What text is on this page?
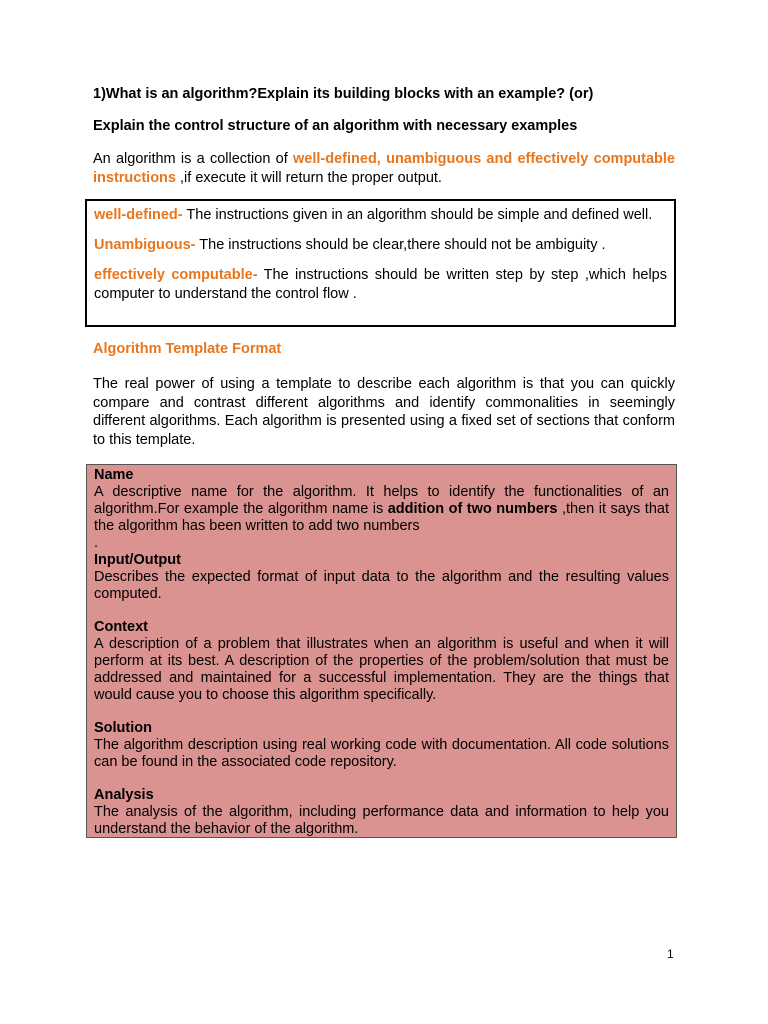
1)What is an algorithm?Explain its building blocks with an example? (or)
Explain the control structure of an algorithm with necessary examples
An algorithm is a collection of well-defined, unambiguous and effectively computable instructions ,if execute it will return the proper output.

well-defined- The instructions given in an algorithm should be simple and defined well.

Unambiguous- The instructions should be clear,there should not be ambiguity .

effectively computable- The instructions should be written step by step ,which helps computer to understand the control flow .

Algorithm Template Format
The real power of using a template to describe each algorithm is that you can quickly compare and contrast different algorithms and identify commonalities in seemingly different algorithms. Each algorithm is presented using a fixed set of sections that conform to this template.
Name

A descriptive name for the algorithm. It helps to identify the functionalities of an algorithm.For example the algorithm name is addition of two numbers ,then it says that the algorithm has been written to add two numbers

.

Input/Output

Describes the expected format of input data to the algorithm and the resulting values computed.

Context

A description of a problem that illustrates when an algorithm is useful and when it will perform at its best. A description of the properties of the problem/solution that must be addressed and maintained for a successful implementation. They are the things that would cause you to choose this algorithm specifically.

Solution

The algorithm description using real working code with documentation. All code solutions can be found in the associated code repository.

Analysis

The analysis of the algorithm, including performance data and information to help you understand the behavior of the algorithm.

1
